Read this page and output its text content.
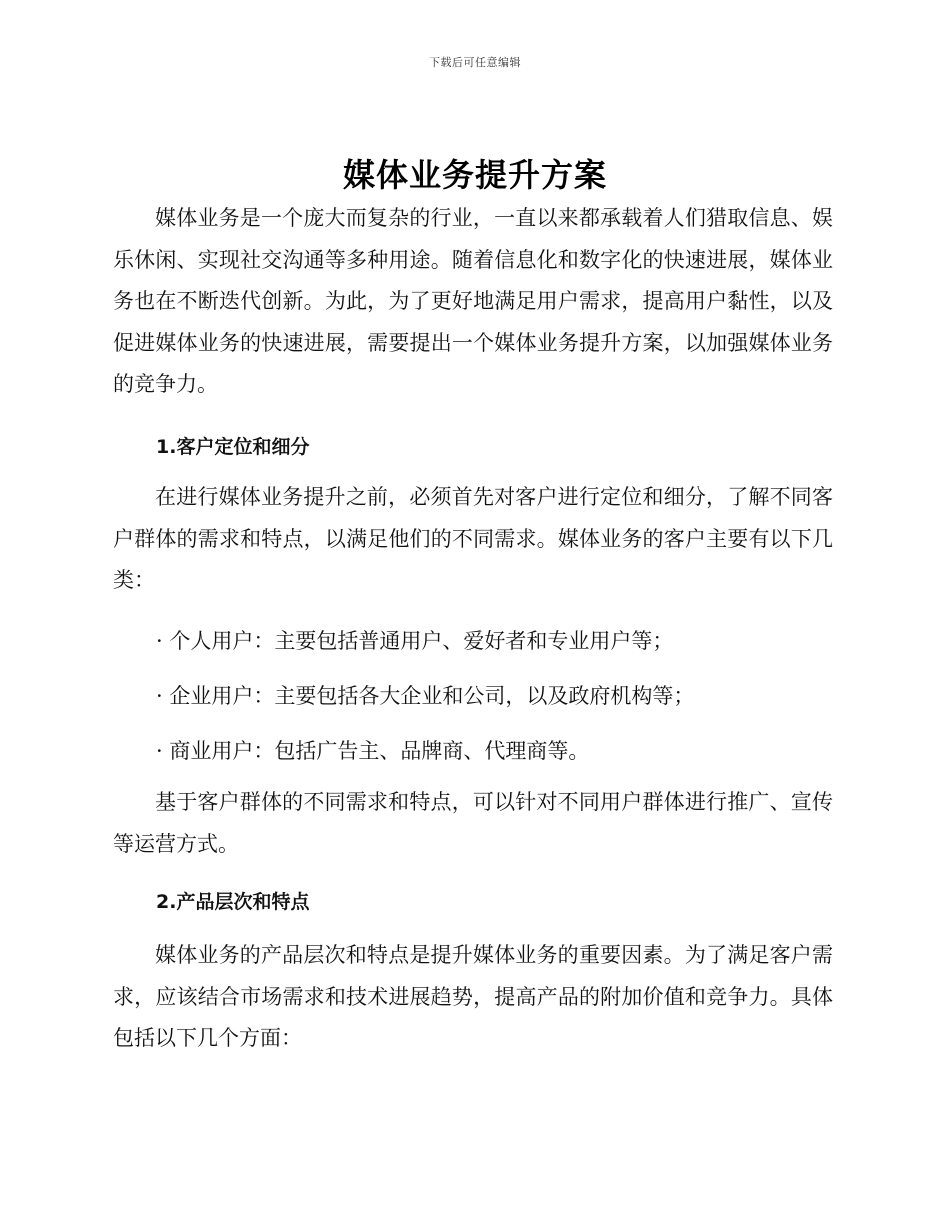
下载后可任意编辑
媒体业务提升方案

媒体业务是一个庞大而复杂的行业，一直以来都承载着人们猎取信息、娱乐休闲、实现社交沟通等多种用途。随着信息化和数字化的快速进展，媒体业务也在不断迭代创新。为此，为了更好地满足用户需求，提高用户黏性，以及促进媒体业务的快速进展，需要提出一个媒体业务提升方案，以加强媒体业务的竞争力。

1.客户定位和细分

在进行媒体业务提升之前，必须首先对客户进行定位和细分，了解不同客户群体的需求和特点，以满足他们的不同需求。媒体业务的客户主要有以下几类：

· 个人用户：主要包括普通用户、爱好者和专业用户等；

· 企业用户：主要包括各大企业和公司，以及政府机构等；

· 商业用户：包括广告主、品牌商、代理商等。

基于客户群体的不同需求和特点，可以针对不同用户群体进行推广、宣传等运营方式。

2.产品层次和特点

媒体业务的产品层次和特点是提升媒体业务的重要因素。为了满足客户需求，应该结合市场需求和技术进展趋势，提高产品的附加价值和竞争力。具体包括以下几个方面：
